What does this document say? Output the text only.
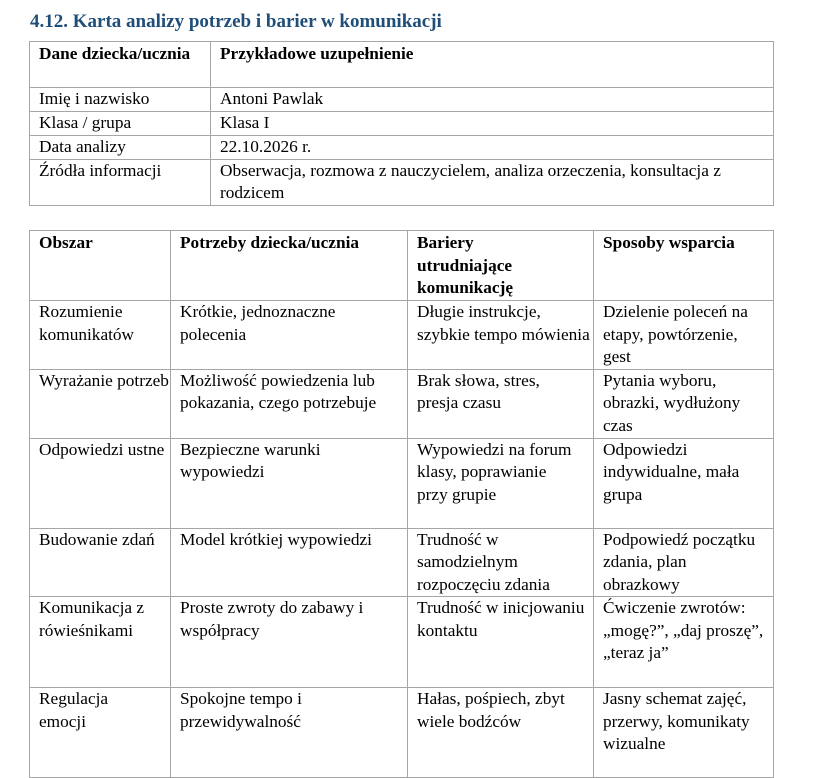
4.12. Karta analizy potrzeb i barier w komunikacji
Dane dziecka/ucznia	Przykładowe uzupełnienie
Imię i nazwisko	Antoni Pawlak
Klasa / grupa	Klasa I
Data analizy	22.10.2026 r.
Źródła informacji	Obserwacja, rozmowa z nauczycielem, analiza orzeczenia, konsultacja z rodzicem
Obszar	Potrzeby dziecka/ucznia	Bariery utrudniające komunikację	Sposoby wsparcia
Rozumienie komunikatów	Krótkie, jednoznaczne polecenia	Długie instrukcje, szybkie tempo mówienia	Dzielenie poleceń na etapy, powtórzenie, gest
Wyrażanie potrzeb	Możliwość powiedzenia lub pokazania, czego potrzebuje	Brak słowa, stres, presja czasu	Pytania wyboru, obrazki, wydłużony czas
Odpowiedzi ustne	Bezpieczne warunki wypowiedzi	Wypowiedzi na forum klasy, poprawianie przy grupie	Odpowiedzi indywidualne, mała grupa
Budowanie zdań	Model krótkiej wypowiedzi	Trudność w samodzielnym rozpoczęciu zdania	Podpowiedź początku zdania, plan obrazkowy
Komunikacja z rówieśnikami	Proste zwroty do zabawy i współpracy	Trudność w inicjowaniu kontaktu	Ćwiczenie zwrotów: „mogę?”, „daj proszę”, „teraz ja”
Regulacja emocji	Spokojne tempo i przewidywalność	Hałas, pośpiech, zbyt wiele bodźców	Jasny schemat zajęć, przerwy, komunikaty wizualne
